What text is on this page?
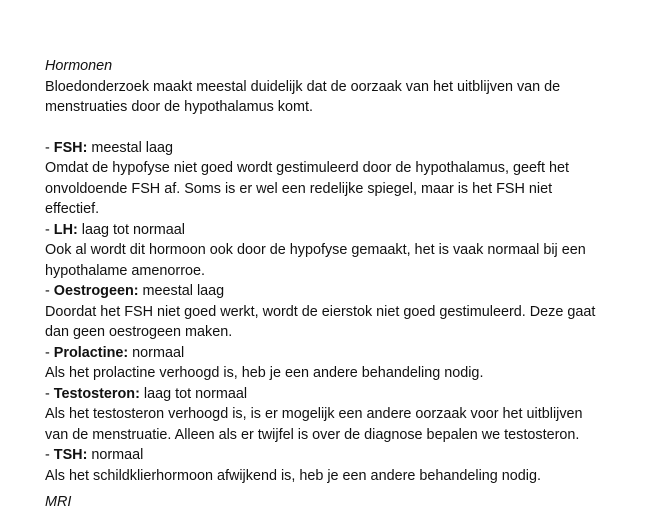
Hormonen
Bloedonderzoek maakt meestal duidelijk dat de oorzaak van het uitblijven van de
menstruaties door de hypothalamus komt.
- FSH: meestal laag
Omdat de hypofyse niet goed wordt gestimuleerd door de hypothalamus, geeft het
onvoldoende FSH af. Soms is er wel een redelijke spiegel, maar is het FSH niet
effectief.
- LH: laag tot normaal
Ook al wordt dit hormoon ook door de hypofyse gemaakt, het is vaak normaal bij een
hypothalame amenorroe.
- Oestrogeen: meestal laag
Doordat het FSH niet goed werkt, wordt de eierstok niet goed gestimuleerd. Deze gaat
dan geen oestrogeen maken.
- Prolactine: normaal
Als het prolactine verhoogd is, heb je een andere behandeling nodig.
- Testosteron: laag tot normaal
Als het testosteron verhoogd is, is er mogelijk een andere oorzaak voor het uitblijven
van de menstruatie. Alleen als er twijfel is over de diagnose bepalen we testosteron.
- TSH: normaal
Als het schildklierhormoon afwijkend is, heb je een andere behandeling nodig.
MRI
